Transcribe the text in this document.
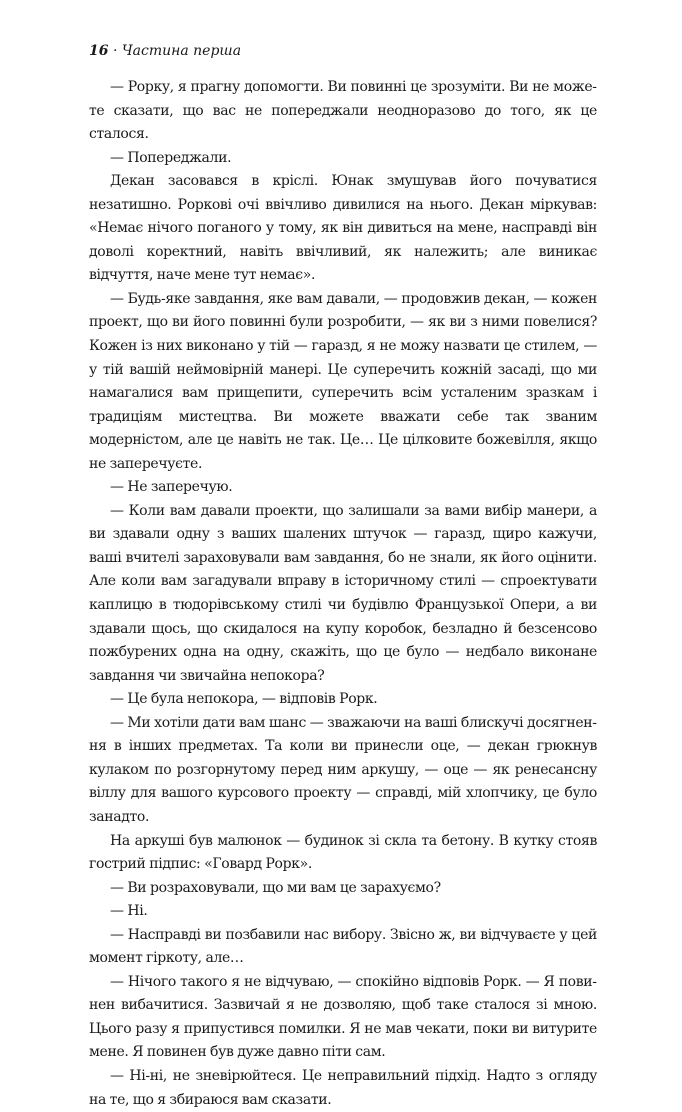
16 · Частина перша

— Рорку, я прагну допомогти. Ви повинні це зрозуміти. Ви не можете сказати, що вас не попереджали неодноразово до того, як це сталося.

— Попереджали.

Декан засовався в кріслі. Юнак змушував його почуватися незатишно. Роркові очі ввічливо дивилися на нього. Декан міркував: «Немає нічого поганого у тому, як він дивиться на мене, насправді він доволі коректний, навіть ввічливий, як належить; але виникає відчуття, наче мене тут немає».

— Будь-яке завдання, яке вам давали, — продовжив декан, — кожен проект, що ви його повинні були розробити, — як ви з ними повелися? Кожен із них виконано у тій — гаразд, я не можу назвати це стилем, — у тій вашій неймовірній манері. Це суперечить кожній засаді, що ми намагалися вам прищепити, суперечить всім усталеним зразкам і традиціям мистецтва. Ви можете вважати себе так званим модерністом, але це навіть не так. Це… Це цілковите божевілля, якщо не заперечуєте.

— Не заперечую.

— Коли вам давали проекти, що залишали за вами вибір манери, а ви здавали одну з ваших шалених штучок — гаразд, щиро кажучи, ваші вчителі зараховували вам завдання, бо не знали, як його оцінити. Але коли вам загадували вправу в історичному стилі — спроектувати каплицю в тюдорівському стилі чи будівлю Французької Опери, а ви здавали щось, що скидалося на купу коробок, безладно й безсенсово пожбурених одна на одну, скажіть, що це було — недбало виконане завдання чи звичайна непокора?

— Це була непокора, — відповів Рорк.

— Ми хотіли дати вам шанс — зважаючи на ваші блискучі досягнення в інших предметах. Та коли ви принесли оце, — декан грюкнув кулаком по розгорнутому перед ним аркушу, — оце — як ренесансну віллу для вашого курсового проекту — справді, мій хлопчику, це було занадто.

На аркуші був малюнок — будинок зі скла та бетону. В кутку стояв гострий підпис: «Говард Рорк».

— Ви розраховували, що ми вам це зарахуємо?

— Ні.

— Насправді ви позбавили нас вибору. Звісно ж, ви відчуваєте у цей момент гіркоту, але…

— Нічого такого я не відчуваю, — спокійно відповів Рорк. — Я повинен вибачитися. Зазвичай я не дозволяю, щоб таке сталося зі мною. Цього разу я припустився помилки. Я не мав чекати, поки ви витурите мене. Я повинен був дуже давно піти сам.

— Ні-ні, не зневірюйтеся. Це неправильний підхід. Надто з огляду на те, що я збираюся вам сказати.
